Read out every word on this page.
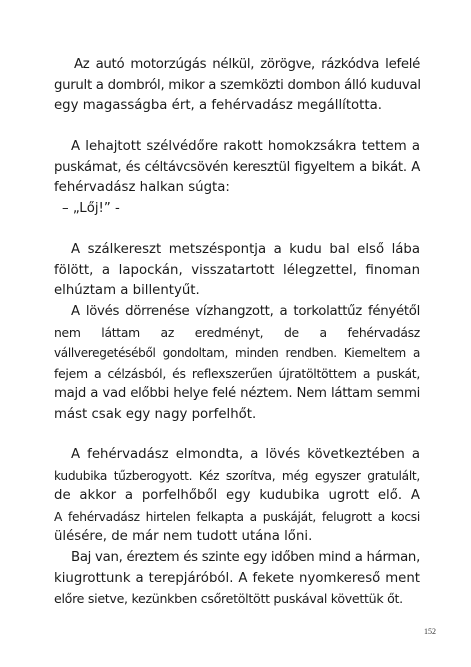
Az autó motorzúgás nélkül, zörögve, rázkódva lefelé
gurult a dombról, mikor a szemközti dombon álló kuduval
egy magasságba ért, a fehérvadász megállította.
A lehajtott szélvédőre rakott homokzsákra tettem a
puskámat, és céltávcsövén keresztül figyeltem a bikát. A
fehérvadász halkan súgta:
– „Lőj!” -
A szálkereszt metszéspontja a kudu bal első lába
fölött, a lapockán, visszatartott lélegzettel, finoman
elhúztam a billentyűt.
A lövés dörrenése vízhangzott, a torkolattűz fényétől
nem láttam az eredményt, de a fehérvadász
vállveregetéséből gondoltam, minden rendben. Kiemeltem a
fejem a célzásból, és reflexszerűen újratöltöttem a puskát,
majd a vad előbbi helye felé néztem. Nem láttam semmi
mást csak egy nagy porfelhőt.
A fehérvadász elmondta, a lövés következtében a
kudubika tűzberogyott. Kéz szorítva, még egyszer gratulált,
de akkor a porfelhőből egy kudubika ugrott elő. A
A fehérvadász hirtelen felkapta a puskáját, felugrott a kocsi
ülésére, de már nem tudott utána lőni.
Baj van, éreztem és szinte egy időben mind a hárman,
kiugrottunk a terepjáróból. A fekete nyomkereső ment
előre sietve, kezünkben csőretöltött puskával követtük őt.
152
